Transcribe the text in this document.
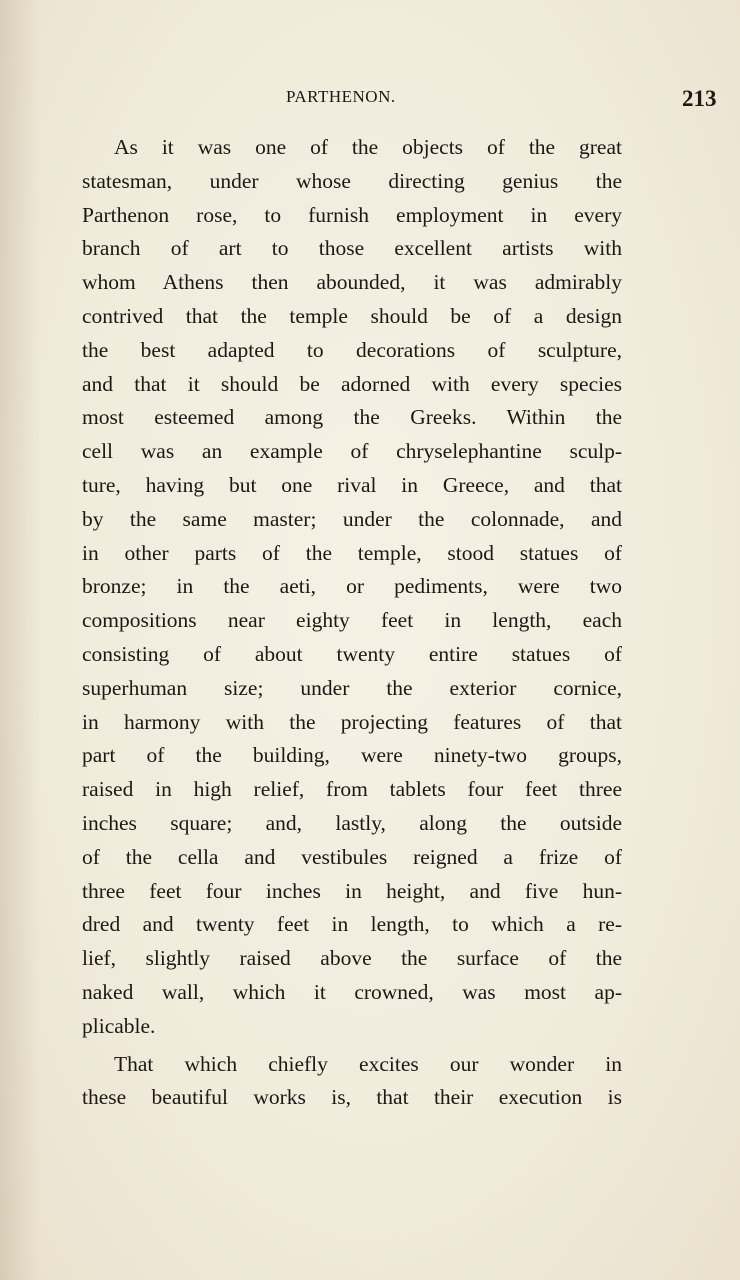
PARTHENON.	213
As it was one of the objects of the great
statesman, under whose directing genius the
Parthenon rose, to furnish employment in every
branch of art to those excellent artists with
whom Athens then abounded, it was admirably
contrived that the temple should be of a design
the best adapted to decorations of sculpture,
and that it should be adorned with every species
most esteemed among the Greeks. Within the
cell was an example of chryselephantine sculp-
ture, having but one rival in Greece, and that
by the same master; under the colonnade, and
in other parts of the temple, stood statues of
bronze; in the aeti, or pediments, were two
compositions near eighty feet in length, each
consisting of about twenty entire statues of
superhuman size; under the exterior cornice,
in harmony with the projecting features of that
part of the building, were ninety-two groups,
raised in high relief, from tablets four feet three
inches square; and, lastly, along the outside
of the cella and vestibules reigned a frize of
three feet four inches in height, and five hun-
dred and twenty feet in length, to which a re-
lief, slightly raised above the surface of the
naked wall, which it crowned, was most ap-
plicable.
That which chiefly excites our wonder in
these beautiful works is, that their execution is
